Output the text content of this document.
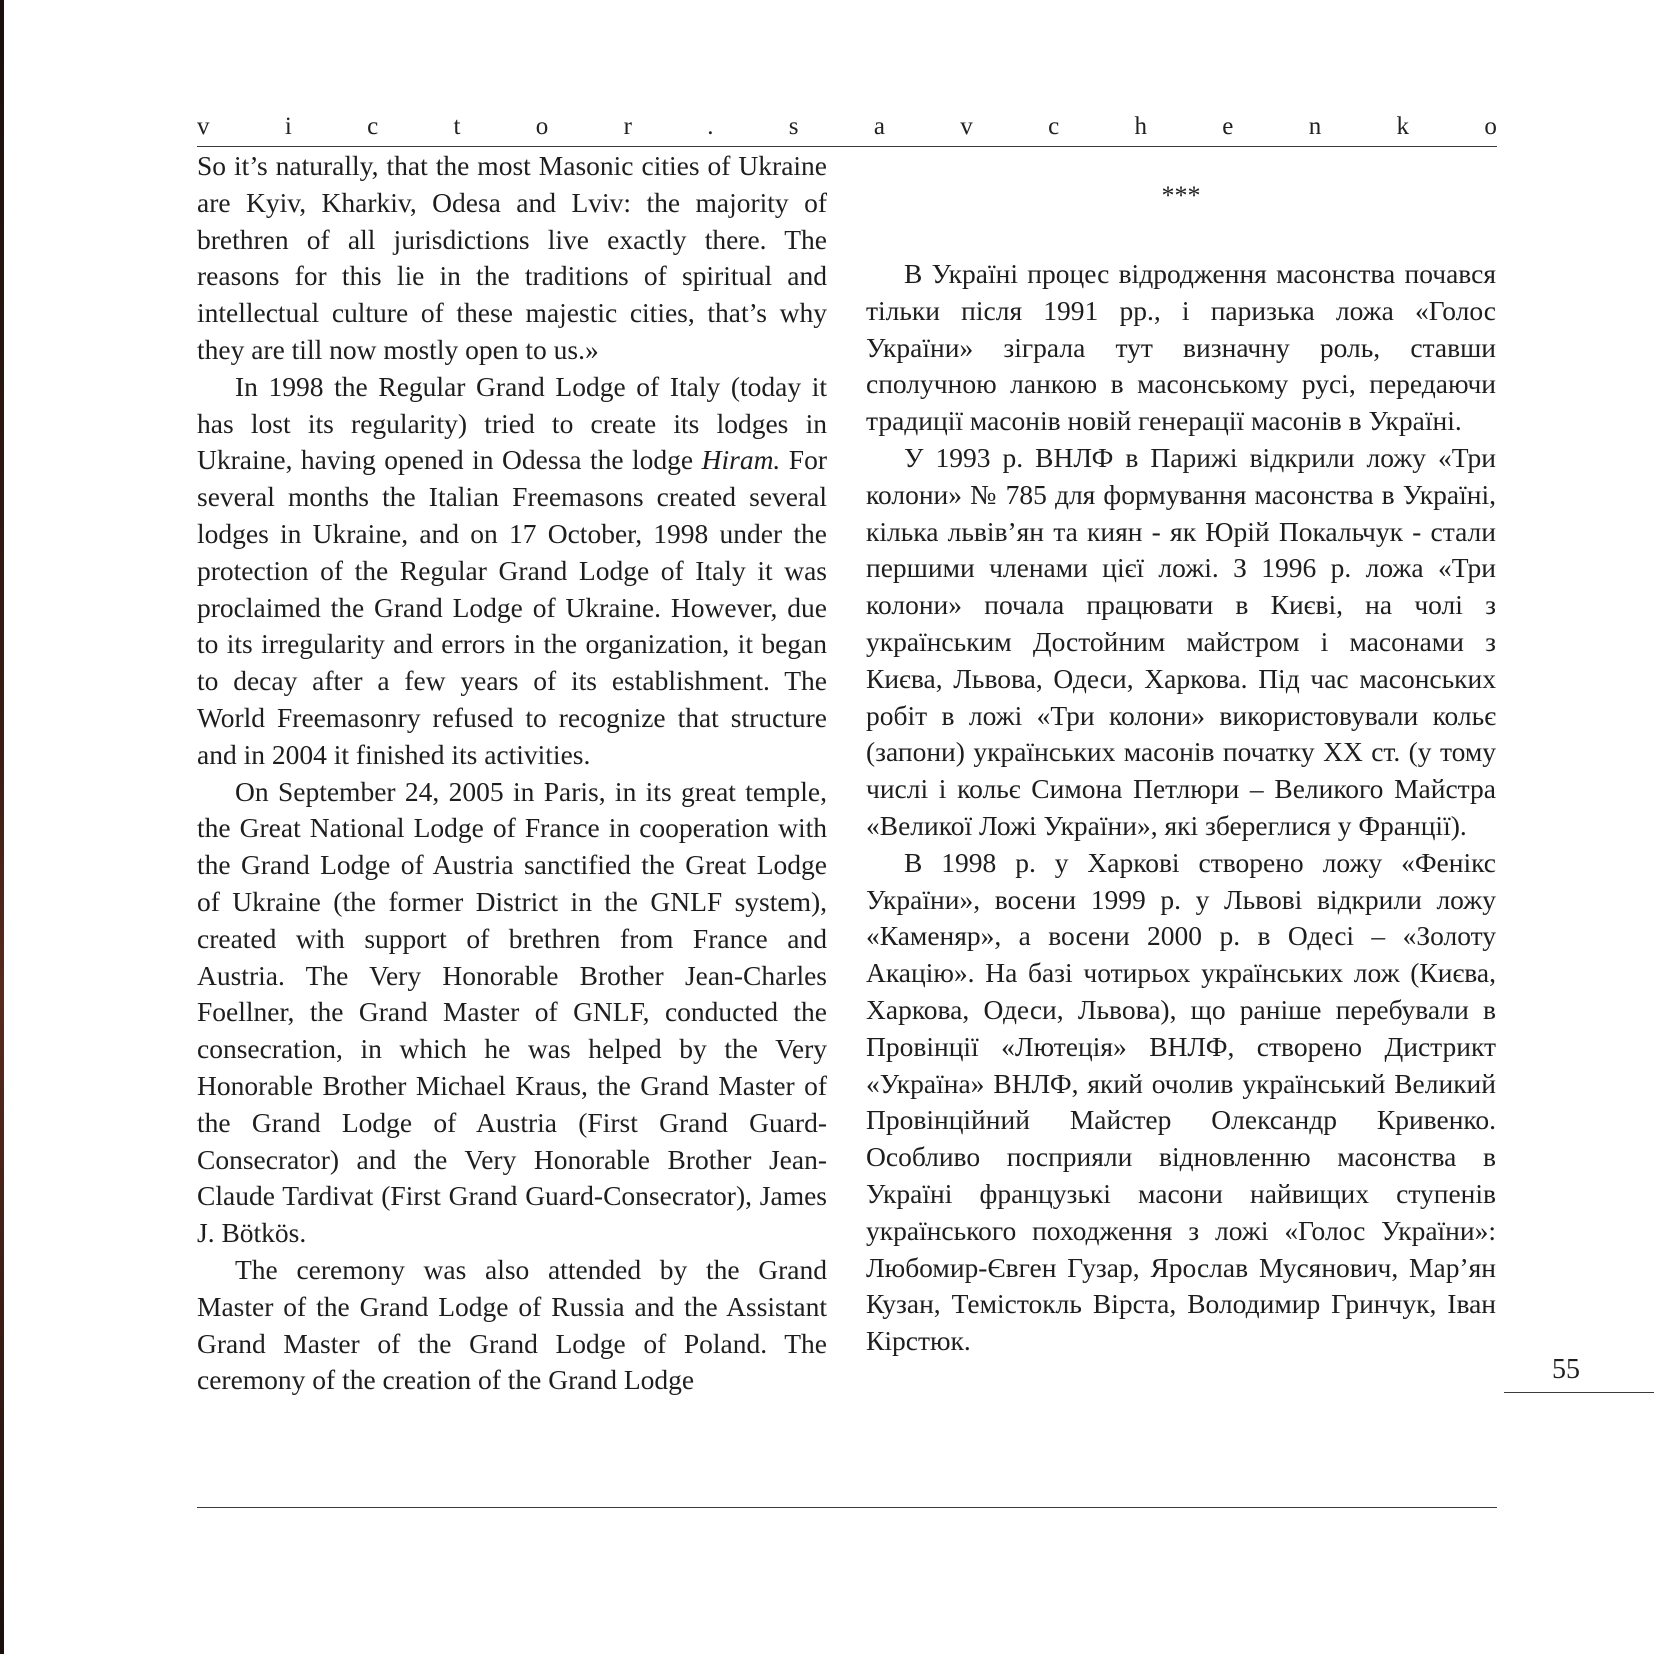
v	i	c	t	o	r	.	s	a	v	c	h	e	n	k	o

So it’s naturally, that the most Masonic cities of Ukraine are Kyiv, Kharkiv, Odesa and Lviv: the majority of brethren of all jurisdictions live exactly there. The reasons for this lie in the traditions of spiritual and intellectual culture of these majestic cities, that’s why they are till now mostly open to us.»

In 1998 the Regular Grand Lodge of Italy (today it has lost its regularity) tried to create its lodges in Ukraine, having opened in Odessa the lodge Hiram. For several months the Italian Freemasons created several lodges in Ukraine, and on 17 October, 1998 under the protection of the Regular Grand Lodge of Italy it was proclaimed the Grand Lodge of Ukraine. However, due to its irregularity and errors in the organization, it began to decay after a few years of its establishment. The World Freemasonry refused to recognize that structure and in 2004 it finished its activities.

On September 24, 2005 in Paris, in its great temple, the Great National Lodge of France in cooperation with the Grand Lodge of Austria sanctified the Great Lodge of Ukraine (the former District in the GNLF system), created with support of brethren from France and Austria. The Very Honorable Brother Jean-Charles Foellner, the Grand Master of GNLF, conducted the consecration, in which he was helped by the Very Honorable Brother Michael Kraus, the Grand Master of the Grand Lodge of Austria (First Grand Guard-Consecrator) and the Very Honorable Brother Jean-Claude Tardivat (First Grand Guard-Consecrator), James J. Bötkös.

The ceremony was also attended by the Grand Master of the Grand Lodge of Russia and the Assistant Grand Master of the Grand Lodge of Poland. The ceremony of the creation of the Grand Lodge

***

В Україні процес відродження масонства почався тільки після 1991 рр., і паризька ложа «Голос України» зіграла тут визначну роль, ставши сполучною ланкою в масонському русі, передаючи традиції масонів новій генерації масонів в Україні.

У 1993 р. ВНЛФ в Парижі відкрили ложу «Три колони» № 785 для формування масонства в Україні, кілька львів’ян та киян - як Юрій Покальчук - стали першими членами цієї ложі. З 1996 р. ложа «Три колони» почала працювати в Києві, на чолі з українським Достойним майстром і масонами з Києва, Львова, Одеси, Харкова. Під час масонських робіт в ложі «Три колони» використовували кольє (запони) українських масонів початку ХХ ст. (у тому числі і кольє Симона Петлюри – Великого Майстра «Великої Ложі України», які збереглися у Франції).

В 1998 р. у Харкові створено ложу «Фенікс України», восени 1999 р. у Львові відкрили ложу «Каменяр», а восени 2000 р. в Одесі – «Золоту Акацію». На базі чотирьох українських лож (Києва, Харкова, Одеси, Львова), що раніше перебували в Провінції «Лютеція» ВНЛФ, створено Дистрикт «Україна» ВНЛФ, який очолив український Великий Провінційний Майстер Олександр Кривенко. Особливо посприяли відновленню масонства в Україні французькі масони найвищих ступенів українського походження з ложі «Голос України»: Любомир-Євген Гузар, Ярослав Мусянович, Мар’ян Кузан, Темістокль Вірста, Володимир Гринчук, Іван Кірстюк.

55
